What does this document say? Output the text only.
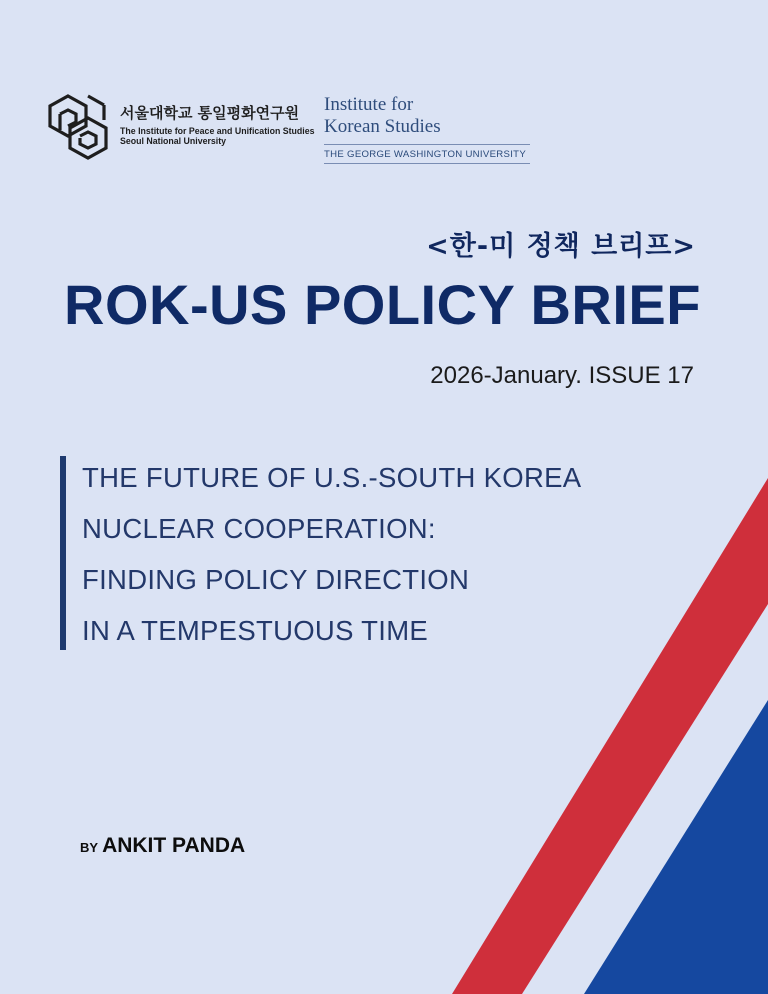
서울대학교 통일평화연구원
The Institute for Peace and Unification Studies
Seoul National University
Institute for
Korean Studies
THE GEORGE WASHINGTON UNIVERSITY
<한-미 정책 브리프>
ROK-US POLICY BRIEF
2026-January. ISSUE 17
THE FUTURE OF U.S.-SOUTH KOREA
NUCLEAR COOPERATION:
FINDING POLICY DIRECTION
IN A TEMPESTUOUS TIME
BY ANKIT PANDA
